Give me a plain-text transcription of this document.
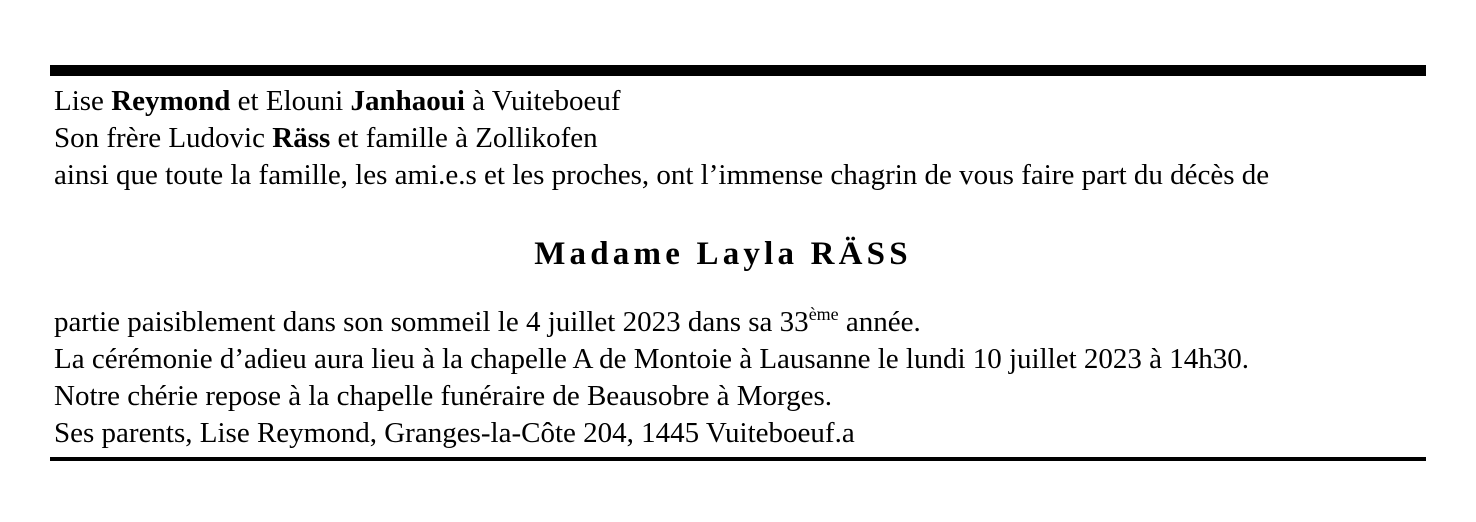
Lise Reymond et Elouni Janhaoui à Vuiteboeuf
Son frère Ludovic Räss et famille à Zollikofen
ainsi que toute la famille, les ami.e.s et les proches, ont l’immense chagrin de vous faire part du décès de
Madame Layla RÄSS
partie paisiblement dans son sommeil le 4 juillet 2023 dans sa 33ème année.
La cérémonie d’adieu aura lieu à la chapelle A de Montoie à Lausanne le lundi 10 juillet 2023 à 14h30.
Notre chérie repose à la chapelle funéraire de Beausobre à Morges.
Ses parents, Lise Reymond, Granges-la-Côte 204, 1445 Vuiteboeuf.a
